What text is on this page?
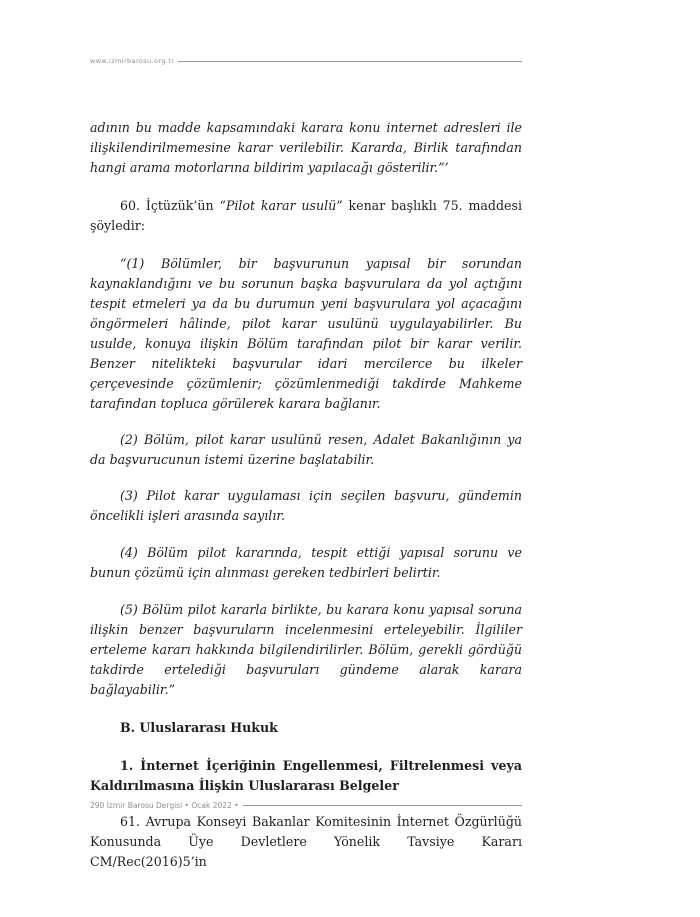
www.izmirbarosu.org.tr

adının bu madde kapsamındaki karara konu internet adresleri ile ilişkilendirilmemesine karar verilebilir. Kararda, Birlik tarafından hangi arama motorlarına bildirim yapılacağı gösterilir.”’

60. İçtüzük’ün “Pilot karar usulü” kenar başlıklı 75. maddesi şöyledir:

“(1) Bölümler, bir başvurunun yapısal bir sorundan kaynaklandığını ve bu sorunun başka başvurulara da yol açtığını tespit etmeleri ya da bu durumun yeni başvurulara yol açacağını öngörmeleri hâlinde, pilot karar usulünü uygulayabilirler. Bu usulde, konuya ilişkin Bölüm tarafından pilot bir karar verilir. Benzer nitelikteki başvurular idari mercilerce bu ilkeler çerçevesinde çözümlenir; çözümlenmediği takdirde Mahkeme tarafından topluca görülerek karara bağlanır.

(2) Bölüm, pilot karar usulünü resen, Adalet Bakanlığının ya da başvurucunun istemi üzerine başlatabilir.

(3) Pilot karar uygulaması için seçilen başvuru, gündemin öncelikli işleri arasında sayılır.

(4) Bölüm pilot kararında, tespit ettiği yapısal sorunu ve bunun çözümü için alınması gereken tedbirleri belirtir.

(5) Bölüm pilot kararla birlikte, bu karara konu yapısal soruna ilişkin benzer başvuruların incelenmesini erteleyebilir. İlgililer erteleme kararı hakkında bilgilendirilirler. Bölüm, gerekli gördüğü takdirde ertelediği başvuruları gündeme alarak karara bağlayabilir.”

B. Uluslararası Hukuk

1. İnternet İçeriğinin Engellenmesi, Filtrelenmesi veya Kaldırılmasına İlişkin Uluslararası Belgeler

61. Avrupa Konseyi Bakanlar Komitesinin İnternet Özgürlüğü Konusunda Üye Devletlere Yönelik Tavsiye Kararı CM/Rec(2016)5’in

290 İzmir Barosu Dergisi • Ocak 2022 •
